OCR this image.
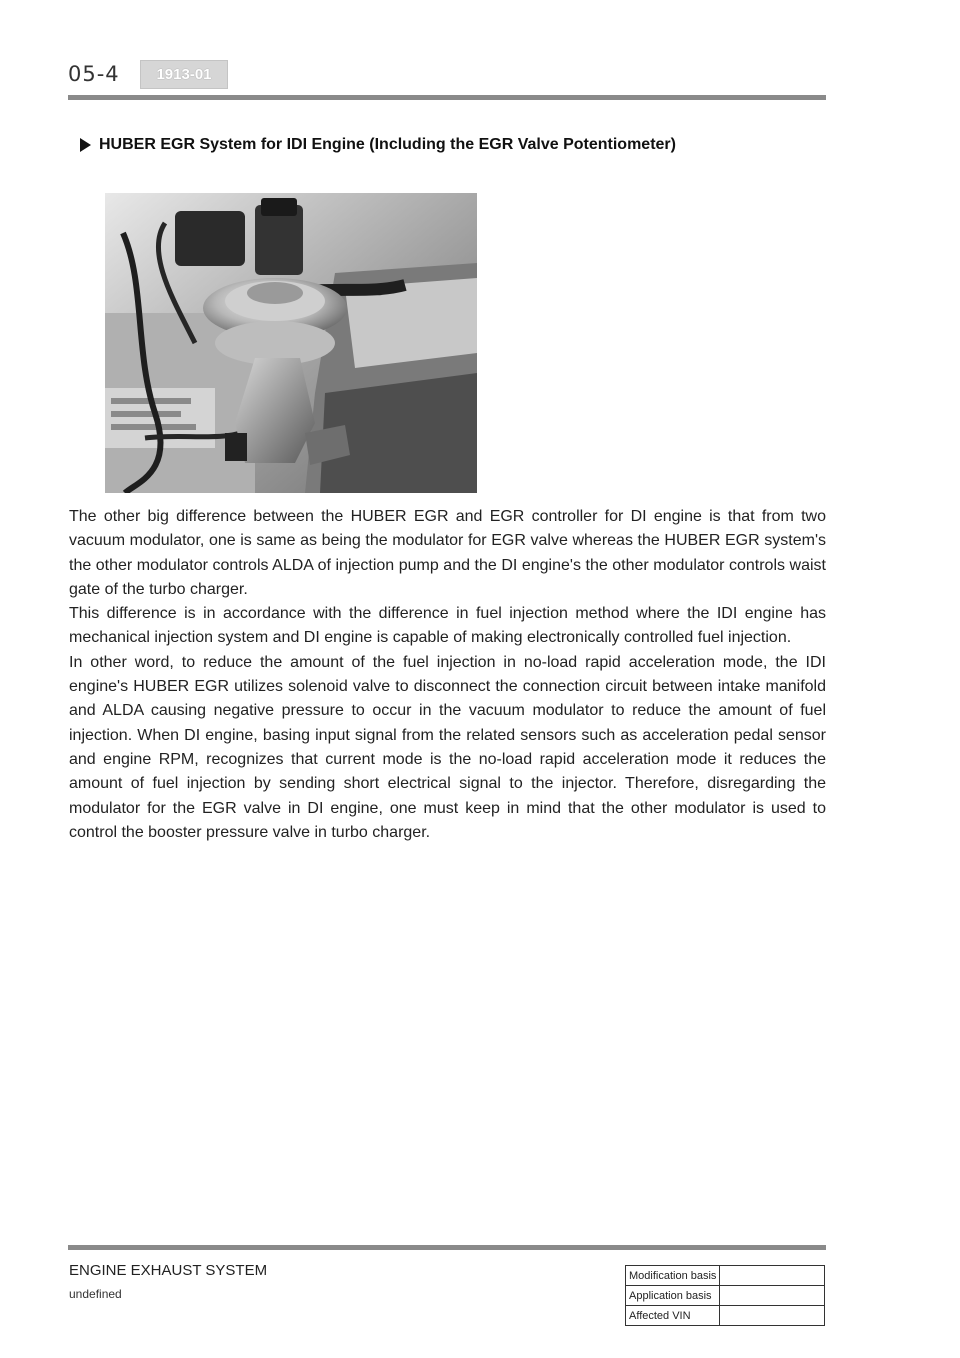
05-4	1913-01
HUBER EGR System for IDI Engine (Including the EGR Valve Potentiometer)

The other big difference between the HUBER EGR and EGR controller for DI engine is that from two vacuum modulator, one is same as being the modulator for EGR valve whereas the HUBER EGR system's the other modulator controls ALDA of injection pump and the DI engine's the other modulator controls waist gate of the turbo charger.

This difference is in accordance with the difference in fuel injection method where the IDI engine has mechanical injection system and DI engine is capable of making electronically controlled fuel injection.

In other word, to reduce the amount of the fuel injection in no-load rapid acceleration mode, the IDI engine's HUBER EGR utilizes solenoid valve to disconnect the connection circuit between intake manifold and ALDA causing negative pressure to occur in the vacuum modulator to reduce the amount of fuel injection. When DI engine, basing input signal from the related sensors such as acceleration pedal sensor and engine RPM, recognizes that current mode is the no-load rapid acceleration mode it reduces the amount of fuel injection by sending short electrical signal to the injector. Therefore, disregarding the modulator for the EGR valve in DI engine, one must keep in mind that the other modulator is used to control the booster pressure valve in turbo charger.

ENGINE EXHAUST SYSTEM
undefined
Modification basis	
Application basis	
Affected VIN	
